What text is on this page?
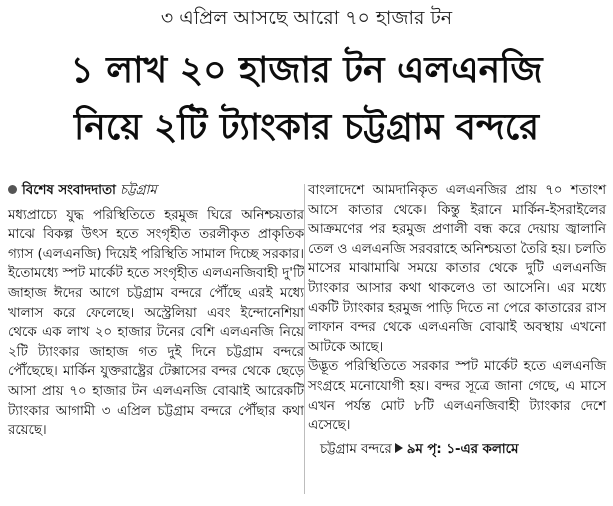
৩ এপ্রিল আসছে আরো ৭০ হাজার টন
১ লাখ ২০ হাজার টন এলএনজি
নিয়ে ২টি ট্যাংকার চট্টগ্রাম বন্দরে
বিশেষ সংবাদদাতা চট্টগ্রাম

মধ্যপ্রাচ্যে যুদ্ধ পরিস্থিতিতে হরমুজ ঘিরে অনিশ্চয়তার মাঝে বিকল্প উৎস হতে সংগৃহীত তরলীকৃত প্রাকৃতিক গ্যাস (এলএনজি) দিয়েই পরিস্থিতি সামাল দিচ্ছে সরকার। ইতোমধ্যে স্পট মার্কেট হতে সংগৃহীত এলএনজিবাহী দু'টি জাহাজ ঈদের আগে চট্টগ্রাম বন্দরে পৌঁছে এরই মধ্যে খালাস করে ফেলেছে। অস্ট্রেলিয়া এবং ইন্দোনেশিয়া থেকে এক লাখ ২০ হাজার টনের বেশি এলএনজি নিয়ে ২টি ট্যাংকার জাহাজ গত দুই দিনে চট্টগ্রাম বন্দরে পৌঁছেছে। মার্কিন যুক্তরাষ্ট্রের টেক্সাসের বন্দর থেকে ছেড়ে আসা প্রায় ৭০ হাজার টন এলএনজি বোঝাই আরেকটি ট্যাংকার আগামী ৩ এপ্রিল চট্টগ্রাম বন্দরে পৌঁছার কথা রয়েছে।

বাংলাদেশে আমদানিকৃত এলএনজির প্রায় ৭০ শতাংশ আসে কাতার থেকে। কিন্তু ইরানে মার্কিন-ইসরাইলের আক্রমণের পর হরমুজ প্রণালী বন্ধ করে দেয়ায় জ্বালানি তেল ও এলএনজি সরবরাহে অনিশ্চয়তা তৈরি হয়। চলতি মাসের মাঝামাঝি সময়ে কাতার থেকে দুটি এলএনজি ট্যাংকার আসার কথা থাকলেও তা আসেনি। এর মধ্যে একটি ট্যাংকার হরমুজ পাড়ি দিতে না পেরে কাতারের রাস লাফান বন্দর থেকে এলএনজি বোঝাই অবস্থায় এখনো আটকে আছে।

উদ্ভূত পরিস্থিতিতে সরকার স্পট মার্কেট হতে এলএনজি সংগ্রহে মনোযোগী হয়। বন্দর সূত্রে জানা গেছে, এ মাসে এখন পর্যন্ত মোট ৮টি এলএনজিবাহী ট্যাংকার দেশে এসেছে।

চট্টগ্রাম বন্দরে ৯ম পৃ: ১-এর কলামে
